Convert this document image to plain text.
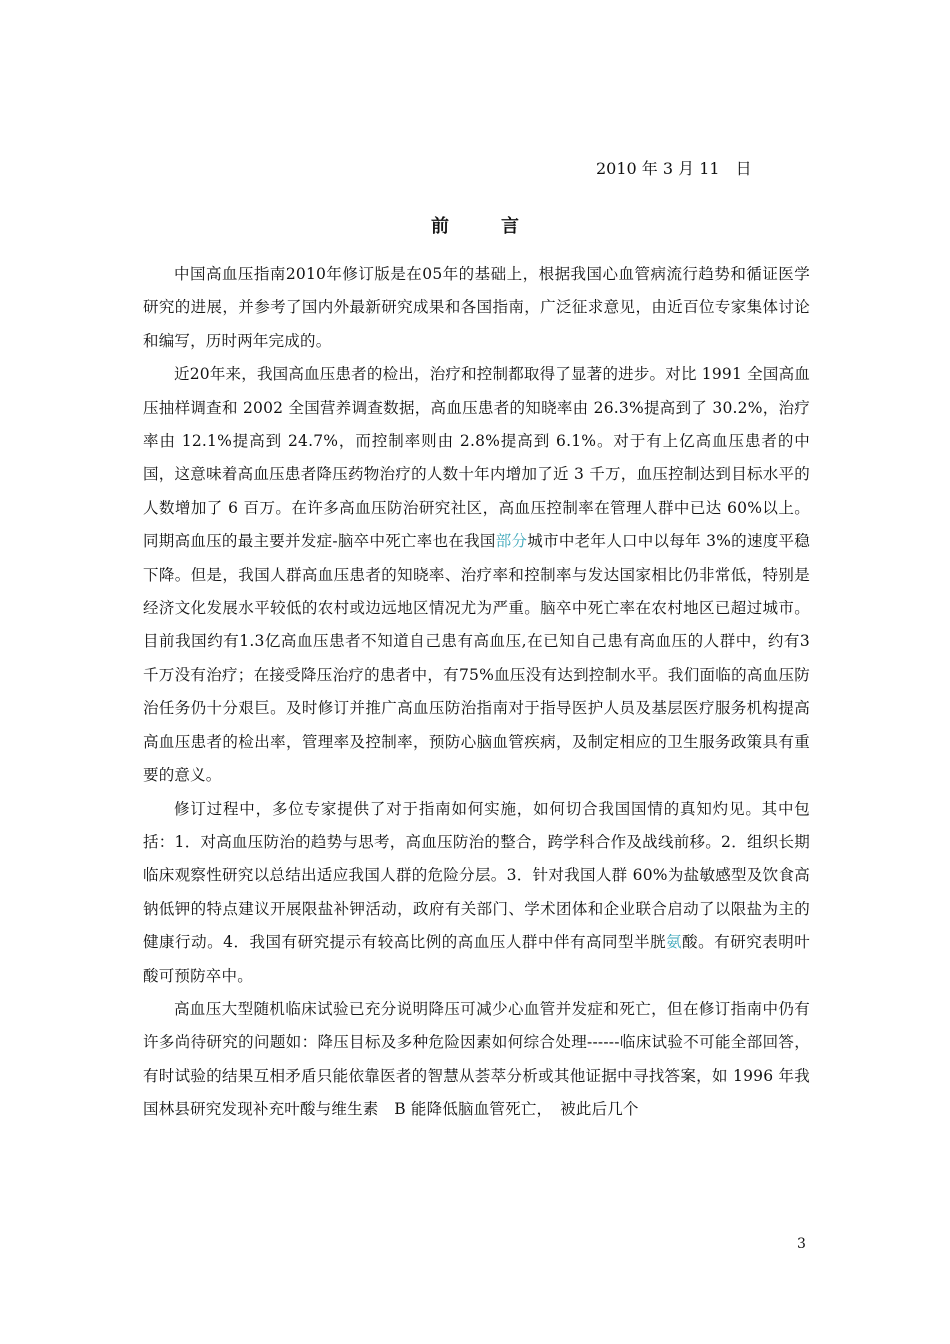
2010 年 3 月 11　日
前	言

中国高血压指南2010年修订版是在05年的基础上，根据我国心血管病流行趋势和循证医学研究的进展，并参考了国内外最新研究成果和各国指南，广泛征求意见，由近百位专家集体讨论和编写，历时两年完成的。

近20年来，我国高血压患者的检出，治疗和控制都取得了显著的进步。对比 1991 全国高血压抽样调查和 2002 全国营养调查数据，高血压患者的知晓率由 26.3%提高到了 30.2%，治疗率由 12.1%提高到 24.7%，而控制率则由 2.8%提高到 6.1%。对于有上亿高血压患者的中国，这意味着高血压患者降压药物治疗的人数十年内增加了近 3 千万，血压控制达到目标水平的人数增加了 6 百万。在许多高血压防治研究社区，高血压控制率在管理人群中已达 60%以上。同期高血压的最主要并发症-脑卒中死亡率也在我国部分城市中老年人口中以每年 3%的速度平稳下降。但是，我国人群高血压患者的知晓率、治疗率和控制率与发达国家相比仍非常低，特别是经济文化发展水平较低的农村或边远地区情况尤为严重。脑卒中死亡率在农村地区已超过城市。目前我国约有1.3亿高血压患者不知道自己患有高血压,在已知自己患有高血压的人群中，约有3千万没有治疗；在接受降压治疗的患者中，有75%血压没有达到控制水平。我们面临的高血压防治任务仍十分艰巨。及时修订并推广高血压防治指南对于指导医护人员及基层医疗服务机构提高高血压患者的检出率，管理率及控制率，预防心脑血管疾病，及制定相应的卫生服务政策具有重要的意义。

修订过程中，多位专家提供了对于指南如何实施，如何切合我国国情的真知灼见。其中包括：1．对高血压防治的趋势与思考，高血压防治的整合，跨学科合作及战线前移。2．组织长期临床观察性研究以总结出适应我国人群的危险分层。3．针对我国人群 60%为盐敏感型及饮食高钠低钾的特点建议开展限盐补钾活动，政府有关部门、学术团体和企业联合启动了以限盐为主的健康行动。4．我国有研究提示有较高比例的高血压人群中伴有高同型半胱氨酸。有研究表明叶酸可预防卒中。

高血压大型随机临床试验已充分说明降压可减少心血管并发症和死亡，但在修订指南中仍有许多尚待研究的问题如：降压目标及多种危险因素如何综合处理------临床试验不可能全部回答，有时试验的结果互相矛盾只能依靠医者的智慧从荟萃分析或其他证据中寻找答案，如 1996 年我国林县研究发现补充叶酸与维生素　B 能降低脑血管死亡，　被此后几个

3
